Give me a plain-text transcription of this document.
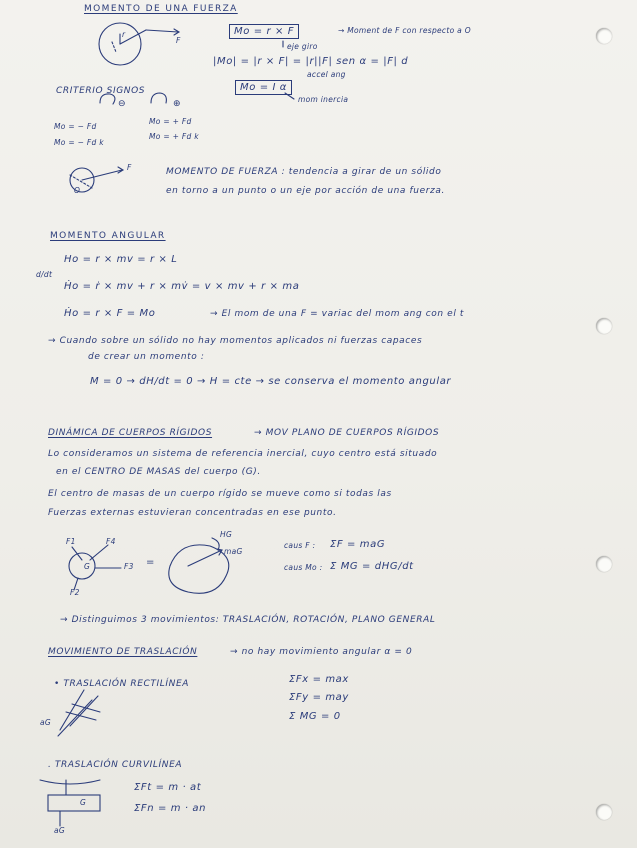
MOMENTO DE UNA FUERZA
F
r	Mo = r × F	→ Moment de F con respecto a O
eje giro
|Mo| = |r × F| = |r||F| sen α = |F| d
accel ang
Mo = I α
mom inercia
CRITERIO SIGNOS
⊖	⊕
Mo = − Fd
Mo = − Fd k
Mo = + Fd
Mo = + Fd k
F
O
MOMENTO DE FUERZA : tendencia a girar de un sólido
en torno a un punto o un eje por acción de una fuerza.
MOMENTO ANGULAR
Ho = r × mv = r × L
d/dt
Ḣo = ṙ × mv + r × mv̇ = v × mv + r × ma
Ḣo = r × F = Mo	→ El mom de una F = variac del mom ang con el t
→ Cuando sobre un sólido no hay momentos aplicados ni fuerzas capaces
de crear un momento :
M = 0 → dH/dt = 0 → H = cte → se conserva el momento angular
DINÁMICA DE CUERPOS RÍGIDOS	→ MOV PLANO DE CUERPOS RÍGIDOS
Lo consideramos un sistema de referencia inercial, cuyo centro está situado
en el CENTRO DE MASAS del cuerpo (G).
El centro de masas de un cuerpo rígido se mueve como si todas las
Fuerzas externas estuvieran concentradas en ese punto.
F1
F2
F3
F4
G	=
HG
maG
caus F : ΣF = maG
caus Mo : Σ MG = dHG/dt
→ Distinguimos 3 movimientos: TRASLACIÓN, ROTACIÓN, PLANO GENERAL
MOVIMIENTO DE TRASLACIÓN	→ no hay movimiento angular α = 0
• TRASLACIÓN RECTILÍNEA
aG
ΣFx = max
ΣFy = may
Σ MG = 0
. TRASLACIÓN CURVILÍNEA
G
aG
ΣFt = m · at
ΣFn = m · an
